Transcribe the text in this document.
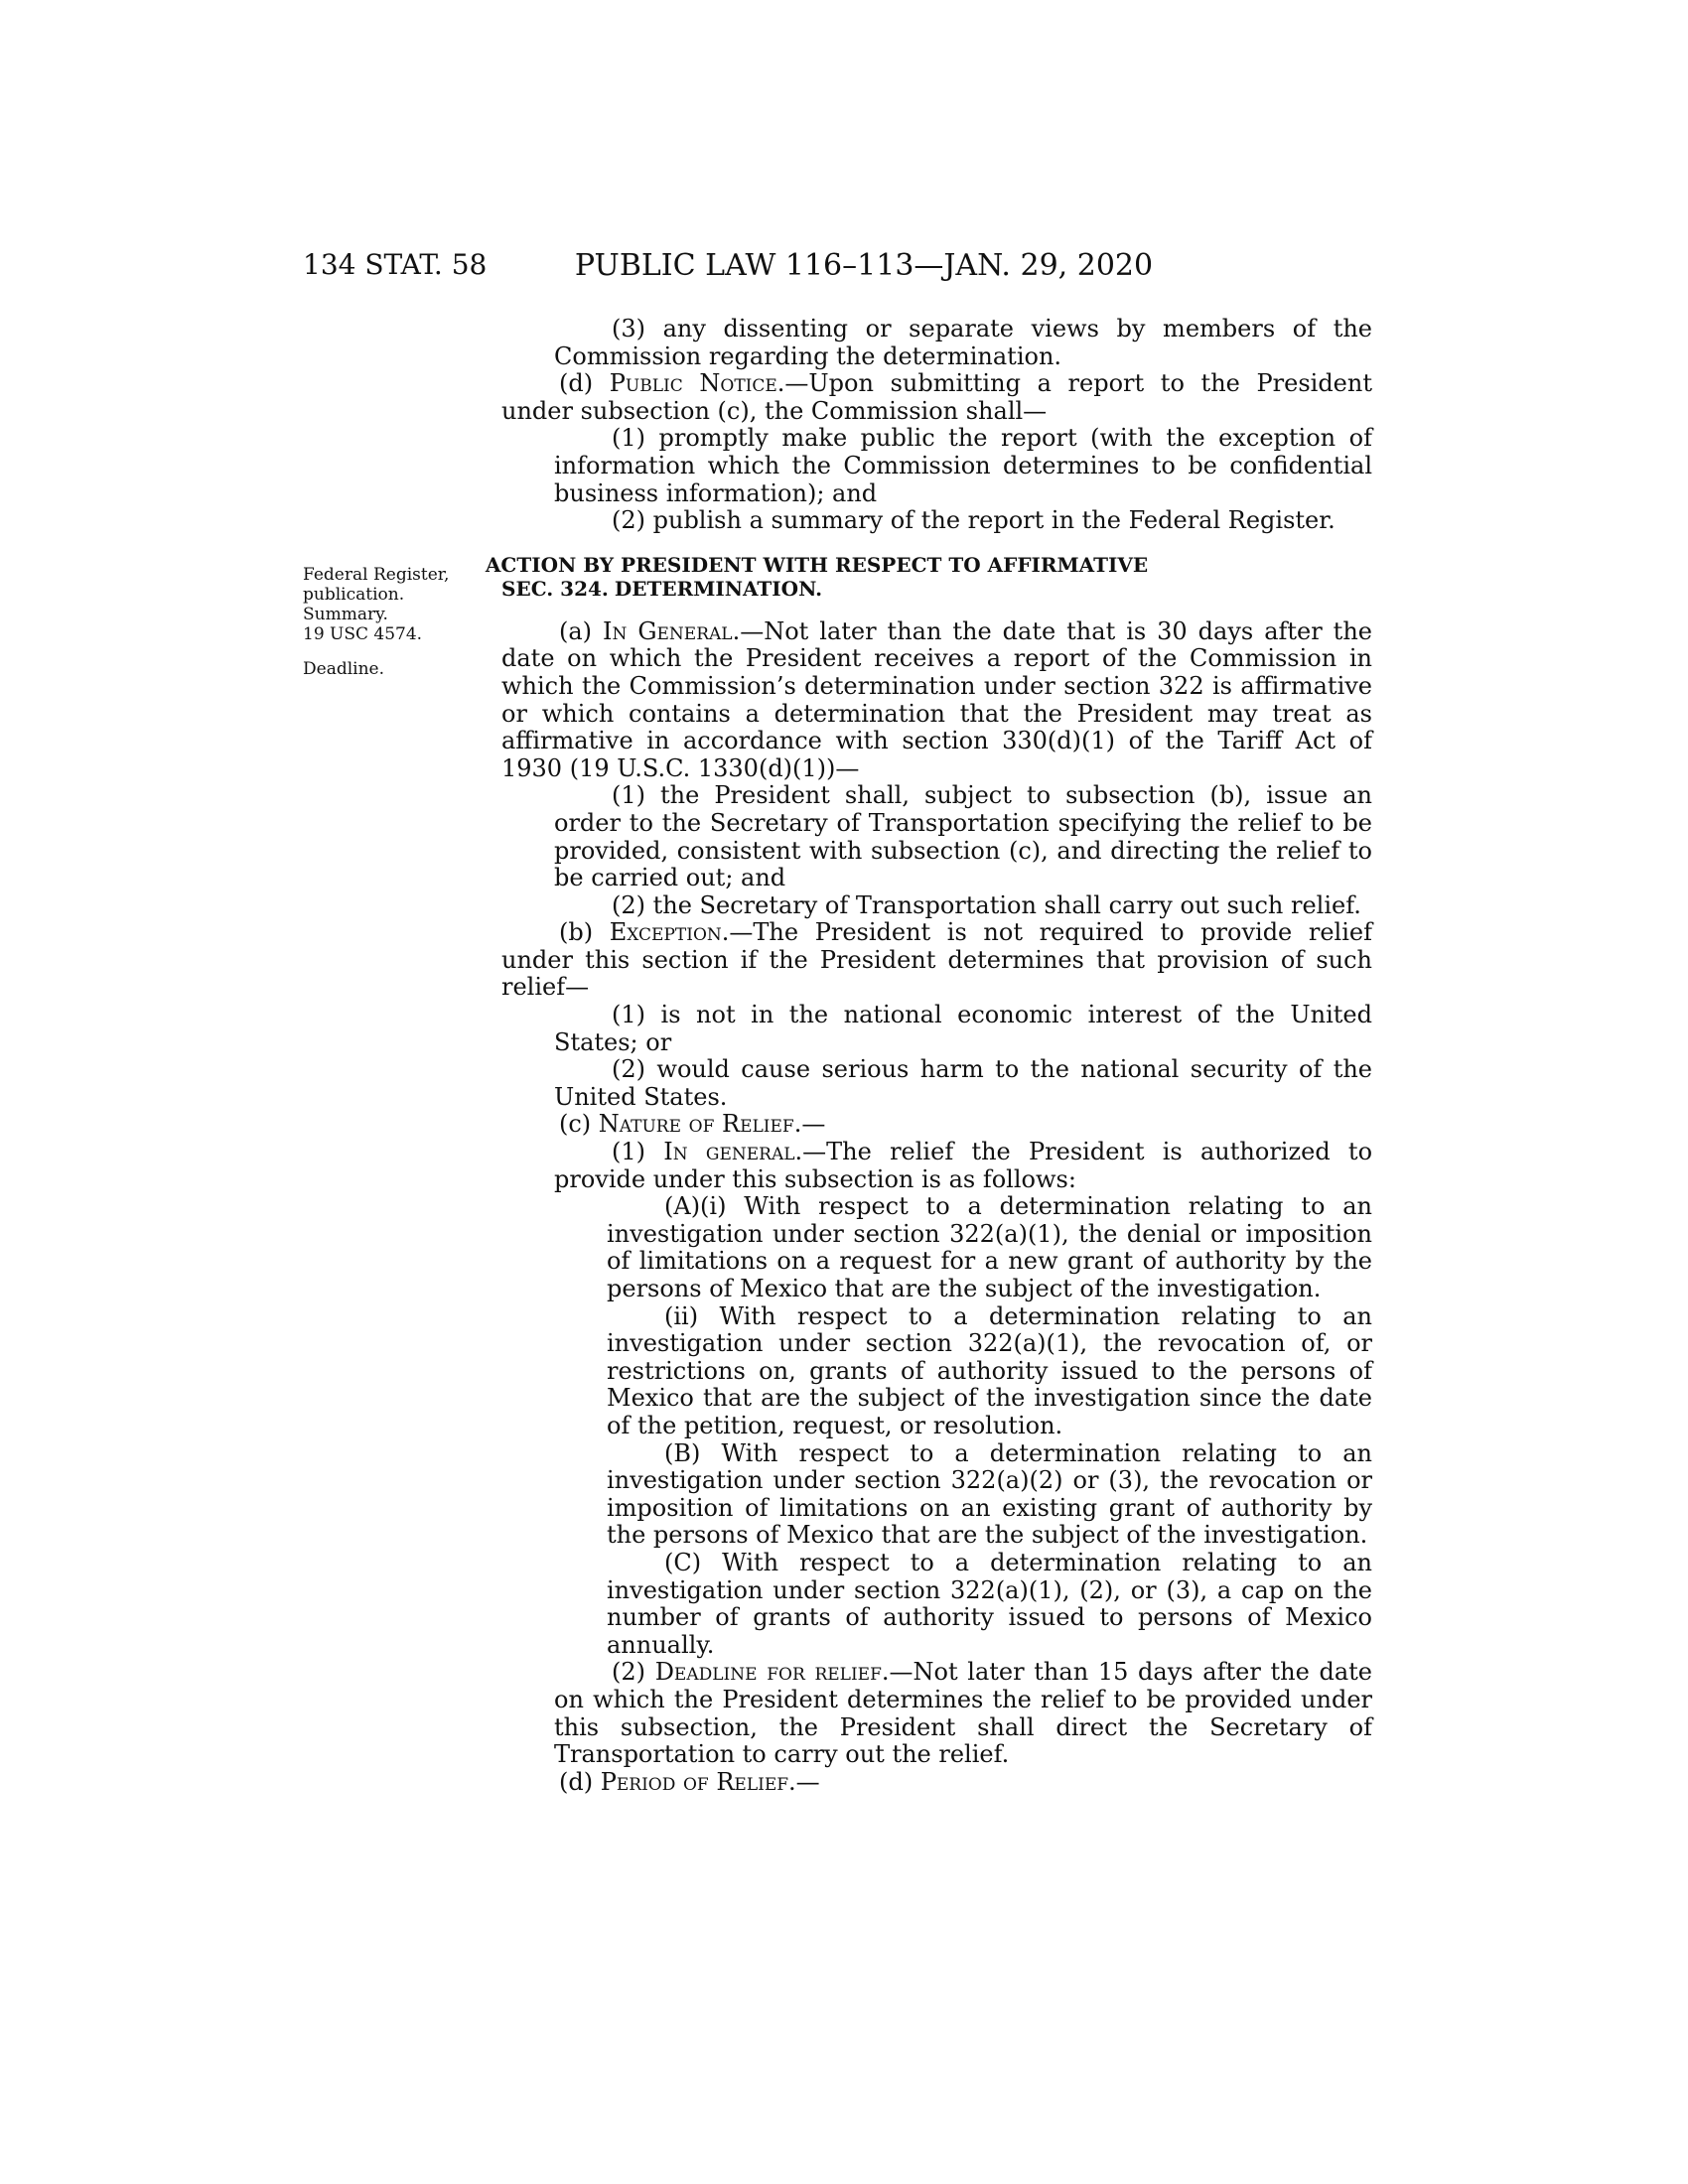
134 STAT. 58	PUBLIC LAW 116–113—JAN. 29, 2020
Federal Register,
publication.
Summary.
19 USC 4574.
Deadline.

(3) any dissenting or separate views by members of the Commission regarding the determination.

(d) Public Notice.—Upon submitting a report to the President under subsection (c), the Commission shall—

(1) promptly make public the report (with the exception of information which the Commission determines to be confidential business information); and

(2) publish a summary of the report in the Federal Register.

SEC. 324.ACTION BY PRESIDENT WITH RESPECT TO AFFIRMATIVE DETERMINATION.

(a) In General.—Not later than the date that is 30 days after the date on which the President receives a report of the Commission in which the Commission’s determination under section 322 is affirmative or which contains a determination that the President may treat as affirmative in accordance with section 330(d)(1) of the Tariff Act of 1930 (19 U.S.C. 1330(d)(1))—

(1) the President shall, subject to subsection (b), issue an order to the Secretary of Transportation specifying the relief to be provided, consistent with subsection (c), and directing the relief to be carried out; and

(2) the Secretary of Transportation shall carry out such relief.

(b) Exception.—The President is not required to provide relief under this section if the President determines that provision of such relief—

(1) is not in the national economic interest of the United States; or

(2) would cause serious harm to the national security of the United States.

(c) Nature of Relief.—

(1) In general.—The relief the President is authorized to provide under this subsection is as follows:

(A)(i) With respect to a determination relating to an investigation under section 322(a)(1), the denial or imposition of limitations on a request for a new grant of authority by the persons of Mexico that are the subject of the investigation.

(ii) With respect to a determination relating to an investigation under section 322(a)(1), the revocation of, or restrictions on, grants of authority issued to the persons of Mexico that are the subject of the investigation since the date of the petition, request, or resolution.

(B) With respect to a determination relating to an investigation under section 322(a)(2) or (3), the revocation or imposition of limitations on an existing grant of authority by the persons of Mexico that are the subject of the investigation.

(C) With respect to a determination relating to an investigation under section 322(a)(1), (2), or (3), a cap on the number of grants of authority issued to persons of Mexico annually.

(2) Deadline for relief.—Not later than 15 days after the date on which the President determines the relief to be provided under this subsection, the President shall direct the Secretary of Transportation to carry out the relief.

(d) Period of Relief.—
